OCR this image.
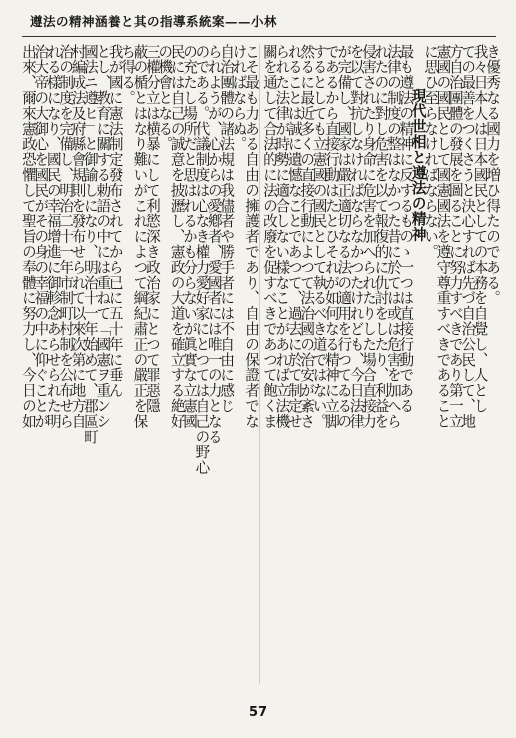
遵法の精神涵養と其の指導系統案——小林
き優秀なる國力を増ひ得たのである。
我々日本人は日本國民としての本務を自覺し、人とし
ての最善をつくさうと決心すれば先づ自治公民して、地
方自治團體の發展を圖ることに努力すべきであり第一立
憲國の國民として國憲國法を遵守尊重すべきであること
に思ひ至らなければならない。
現代世相と遵法の精神
最も遵法の精神に反するものゝ一つは直接行動である
法律の制度の整はなかつた昔に於ては或は危害を加へら
れたのに對し危害を以て報復的に仇討をしたり、利益を
侵害されたり身命に危害を加へられたりした場合直接力
を以て對抗しなければならなかつたけれども、今日法律
が完備し、國家は嚴正適切なる法の適用を行つてゐるの
であるから直接行動はたとひそれが如何なる精神に立脚
するとしても立憲國の國民として執るべき道ではない。
然るに最近多くの直接行動によつて法治國の治安が紊さ
れることは誠に遺憾なことであつて、過去に於て制定せ
られた法律が時勢に適合しない樣なことがあれば立法機
關を通して合法的に法の改廢を促すべきであつて飽くま
こそ最も力ある自由の擁護者であり、自由の保證者でな
ければならぬ。
自治團體の諸法規は我儘者や勝手者には不自由に感じ
られようが、心からの愛鄕者、愛國者には唯一の力となる
のである。代議制度は心なき權力愛好家にとつては自己の野心
の充たし場所だと思はれるかも分らないが眞實な立憲國
民には自己の誠意を披瀝し、憲政の大道を確立する絶好
の機會となる。
三權分立は横暴にして利慾深き政治家にとつて罪惡隱
蔽の楯とはなり難いがこれによつて綱紀肅正の嚴正を保
ち得る。
我が國に憲法制定發布されてから已に五十年に垂ん
とし、教育に關する勅語の中には重ねて「國憲ヲ重ンシ
國法ニ遵ヒ」と御諭しになり、明治十一年始めて、郡區町
村編成法及府縣會規則を發布せられて以來次第に地方自
治の制度を完備し、明治二十一年市制町村制を公布せら
れる樣になり、國民の幸福增進に御軫念あらせられた明
治大帝の大御心を國民がその身の幸福の中に仰ぐことが
出來、爾來憲政恐懼して聖旨の奉體に努力し、今日の如
57
